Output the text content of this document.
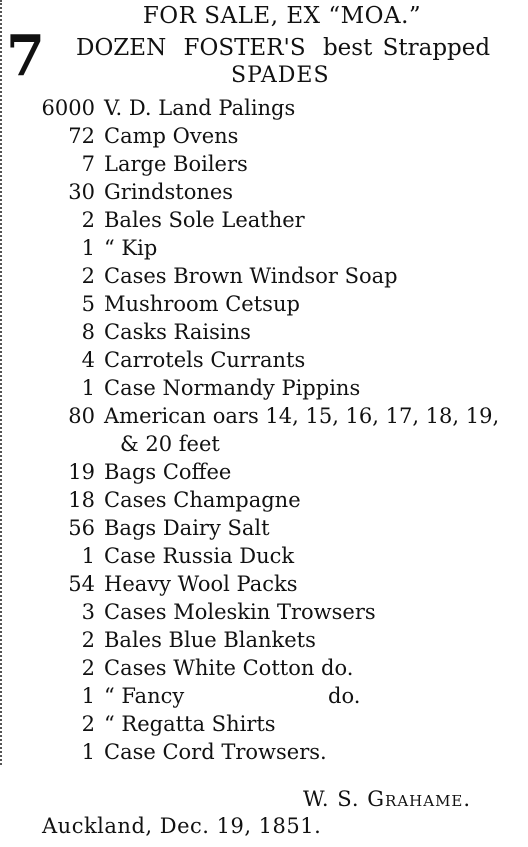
FOR SALE, EX “MOA.”
7 DOZEN FOSTER'S best Strapped
SPADES
6000 V. D. Land Palings
72 Camp Ovens
7 Large Boilers
30 Grindstones
2 Bales Sole Leather
1 “ Kip
2 Cases Brown Windsor Soap
5 Mushroom Cetsup
8 Casks Raisins
4 Carrotels Currants
1 Case Normandy Pippins
80 American oars 14, 15, 16, 17, 18, 19,
& 20 feet
19 Bags Coffee
18 Cases Champagne
56 Bags Dairy Salt
1 Case Russia Duck
54 Heavy Wool Packs
3 Cases Moleskin Trowsers
2 Bales Blue Blankets
2 Cases White Cotton do.
1 “ Fancy	do.
2 “ Regatta Shirts
1 Case Cord Trowsers.
W. S. Grahame.
Auckland, Dec. 19, 1851.
